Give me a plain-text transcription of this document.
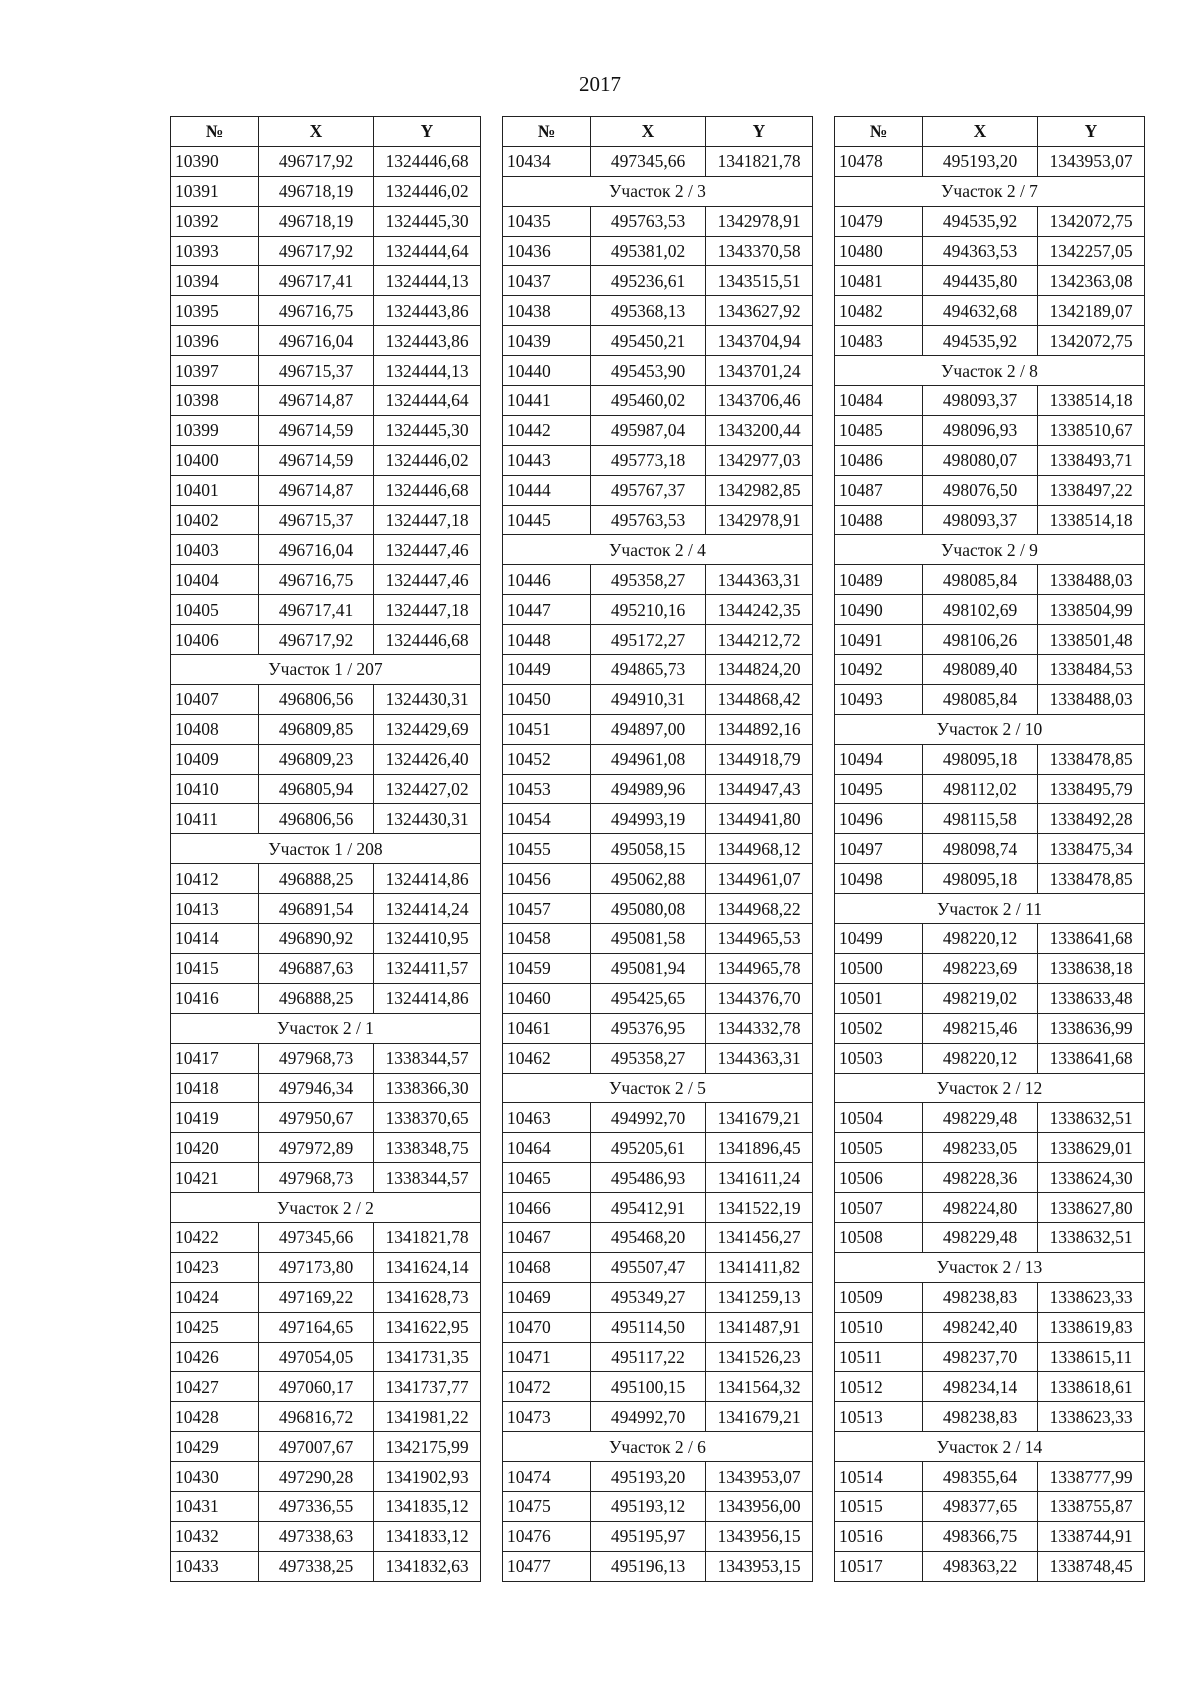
2017
№	X	Y
10390	496717,92	1324446,68
10391	496718,19	1324446,02
10392	496718,19	1324445,30
10393	496717,92	1324444,64
10394	496717,41	1324444,13
10395	496716,75	1324443,86
10396	496716,04	1324443,86
10397	496715,37	1324444,13
10398	496714,87	1324444,64
10399	496714,59	1324445,30
10400	496714,59	1324446,02
10401	496714,87	1324446,68
10402	496715,37	1324447,18
10403	496716,04	1324447,46
10404	496716,75	1324447,46
10405	496717,41	1324447,18
10406	496717,92	1324446,68
Участок 1 / 207		
10407	496806,56	1324430,31
10408	496809,85	1324429,69
10409	496809,23	1324426,40
10410	496805,94	1324427,02
10411	496806,56	1324430,31
Участок 1 / 208		
10412	496888,25	1324414,86
10413	496891,54	1324414,24
10414	496890,92	1324410,95
10415	496887,63	1324411,57
10416	496888,25	1324414,86
Участок 2 / 1		
10417	497968,73	1338344,57
10418	497946,34	1338366,30
10419	497950,67	1338370,65
10420	497972,89	1338348,75
10421	497968,73	1338344,57
Участок 2 / 2		
10422	497345,66	1341821,78
10423	497173,80	1341624,14
10424	497169,22	1341628,73
10425	497164,65	1341622,95
10426	497054,05	1341731,35
10427	497060,17	1341737,77
10428	496816,72	1341981,22
10429	497007,67	1342175,99
10430	497290,28	1341902,93
10431	497336,55	1341835,12
10432	497338,63	1341833,12
10433	497338,25	1341832,63
№	X	Y
10434	497345,66	1341821,78
Участок 2 / 3		
10435	495763,53	1342978,91
10436	495381,02	1343370,58
10437	495236,61	1343515,51
10438	495368,13	1343627,92
10439	495450,21	1343704,94
10440	495453,90	1343701,24
10441	495460,02	1343706,46
10442	495987,04	1343200,44
10443	495773,18	1342977,03
10444	495767,37	1342982,85
10445	495763,53	1342978,91
Участок 2 / 4		
10446	495358,27	1344363,31
10447	495210,16	1344242,35
10448	495172,27	1344212,72
10449	494865,73	1344824,20
10450	494910,31	1344868,42
10451	494897,00	1344892,16
10452	494961,08	1344918,79
10453	494989,96	1344947,43
10454	494993,19	1344941,80
10455	495058,15	1344968,12
10456	495062,88	1344961,07
10457	495080,08	1344968,22
10458	495081,58	1344965,53
10459	495081,94	1344965,78
10460	495425,65	1344376,70
10461	495376,95	1344332,78
10462	495358,27	1344363,31
Участок 2 / 5		
10463	494992,70	1341679,21
10464	495205,61	1341896,45
10465	495486,93	1341611,24
10466	495412,91	1341522,19
10467	495468,20	1341456,27
10468	495507,47	1341411,82
10469	495349,27	1341259,13
10470	495114,50	1341487,91
10471	495117,22	1341526,23
10472	495100,15	1341564,32
10473	494992,70	1341679,21
Участок 2 / 6		
10474	495193,20	1343953,07
10475	495193,12	1343956,00
10476	495195,97	1343956,15
10477	495196,13	1343953,15
№	X	Y
10478	495193,20	1343953,07
Участок 2 / 7		
10479	494535,92	1342072,75
10480	494363,53	1342257,05
10481	494435,80	1342363,08
10482	494632,68	1342189,07
10483	494535,92	1342072,75
Участок 2 / 8		
10484	498093,37	1338514,18
10485	498096,93	1338510,67
10486	498080,07	1338493,71
10487	498076,50	1338497,22
10488	498093,37	1338514,18
Участок 2 / 9		
10489	498085,84	1338488,03
10490	498102,69	1338504,99
10491	498106,26	1338501,48
10492	498089,40	1338484,53
10493	498085,84	1338488,03
Участок 2 / 10		
10494	498095,18	1338478,85
10495	498112,02	1338495,79
10496	498115,58	1338492,28
10497	498098,74	1338475,34
10498	498095,18	1338478,85
Участок 2 / 11		
10499	498220,12	1338641,68
10500	498223,69	1338638,18
10501	498219,02	1338633,48
10502	498215,46	1338636,99
10503	498220,12	1338641,68
Участок 2 / 12		
10504	498229,48	1338632,51
10505	498233,05	1338629,01
10506	498228,36	1338624,30
10507	498224,80	1338627,80
10508	498229,48	1338632,51
Участок 2 / 13		
10509	498238,83	1338623,33
10510	498242,40	1338619,83
10511	498237,70	1338615,11
10512	498234,14	1338618,61
10513	498238,83	1338623,33
Участок 2 / 14		
10514	498355,64	1338777,99
10515	498377,65	1338755,87
10516	498366,75	1338744,91
10517	498363,22	1338748,45
